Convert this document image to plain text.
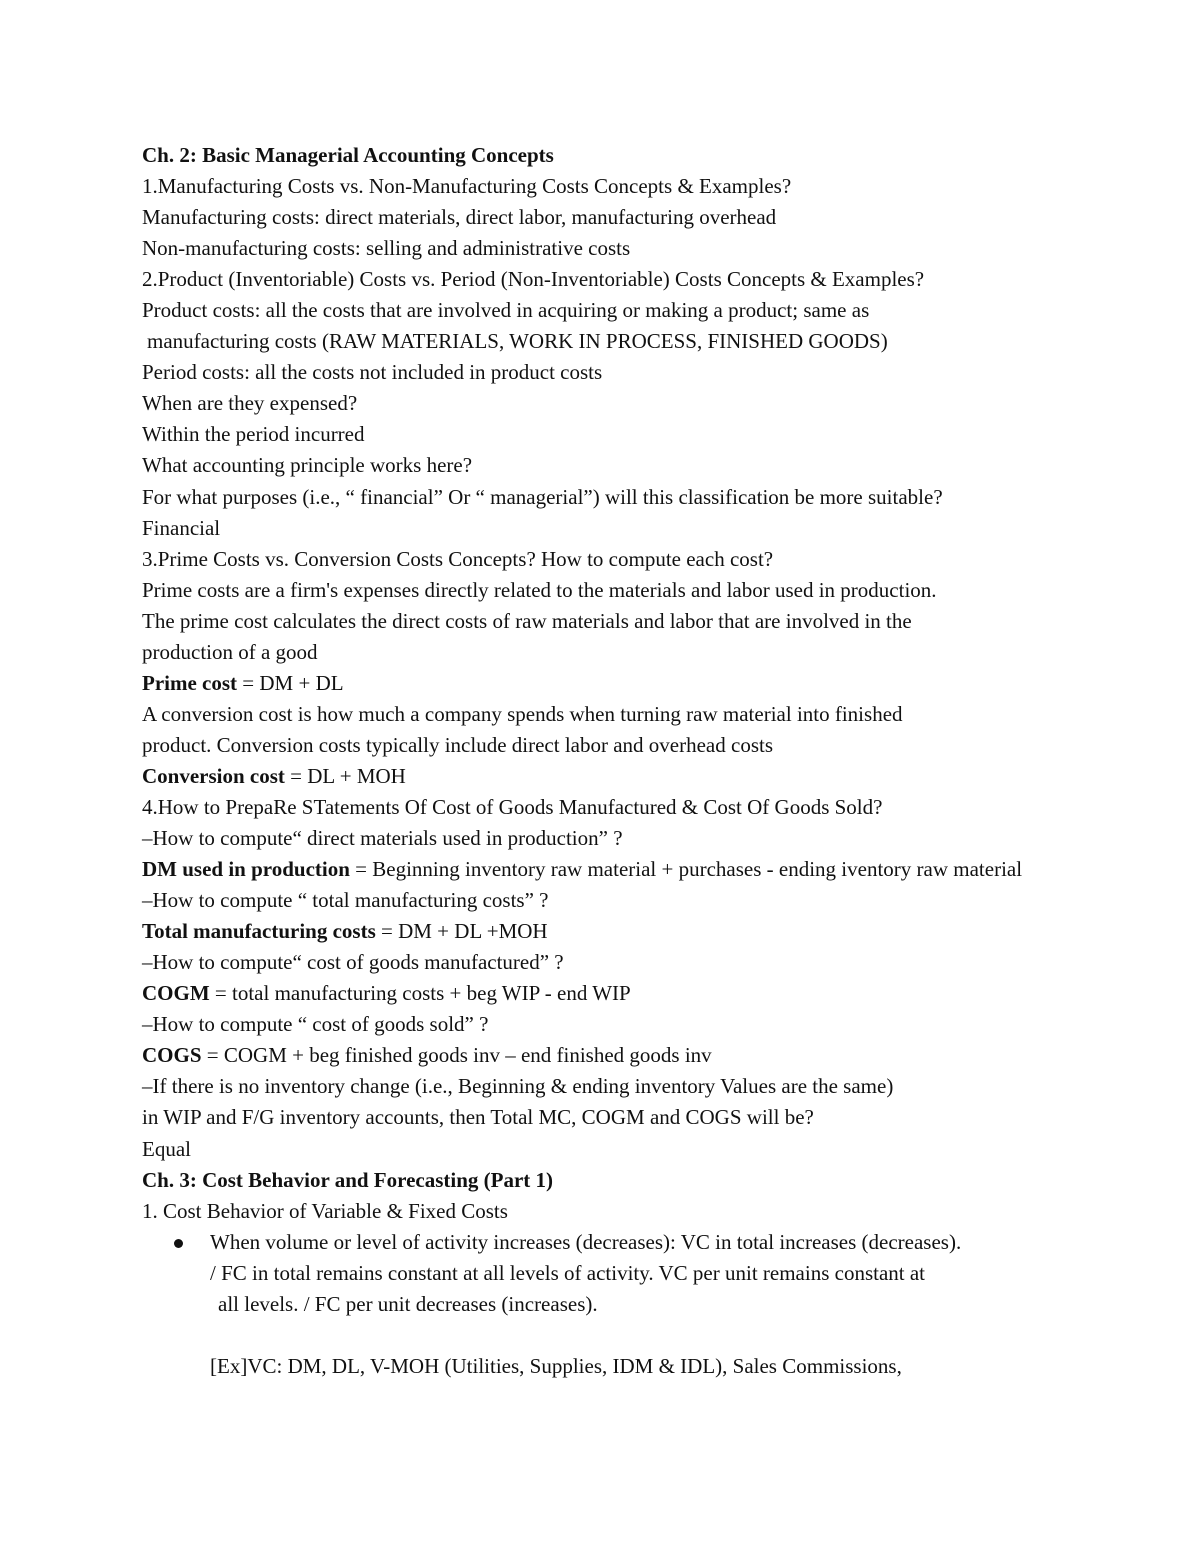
Ch. 2: Basic Managerial Accounting Concepts
1.Manufacturing Costs vs. Non-Manufacturing Costs Concepts & Examples?
Manufacturing costs: direct materials, direct labor, manufacturing overhead
Non-manufacturing costs: selling and administrative costs
2.Product (Inventoriable) Costs vs. Period (Non-Inventoriable) Costs Concepts & Examples?
Product costs: all the costs that are involved in acquiring or making a product; same as
manufacturing costs (RAW MATERIALS, WORK IN PROCESS, FINISHED GOODS)
Period costs: all the costs not included in product costs
When are they expensed?
Within the period incurred
What accounting principle works here?
For what purposes (i.e., “ financial” Or “ managerial”) will this classification be more suitable?
Financial
3.Prime Costs vs. Conversion Costs Concepts? How to compute each cost?
Prime costs are a firm's expenses directly related to the materials and labor used in production.
The prime cost calculates the direct costs of raw materials and labor that are involved in the
production of a good
Prime cost = DM + DL
A conversion cost is how much a company spends when turning raw material into finished
product. Conversion costs typically include direct labor and overhead costs
Conversion cost = DL + MOH
4.How to PrepaRe STatements Of Cost of Goods Manufactured & Cost Of Goods Sold?
–How to compute“ direct materials used in production” ?
DM used in production = Beginning inventory raw material + purchases - ending iventory raw material
–How to compute “ total manufacturing costs” ?
Total manufacturing costs = DM + DL +MOH
–How to compute“ cost of goods manufactured” ?
COGM = total manufacturing costs + beg WIP - end WIP
–How to compute “ cost of goods sold” ?
COGS = COGM + beg finished goods inv – end finished goods inv
–If there is no inventory change (i.e., Beginning & ending inventory Values are the same)
in WIP and F/G inventory accounts, then Total MC, COGM and COGS will be?
Equal
Ch. 3: Cost Behavior and Forecasting (Part 1)
1. Cost Behavior of Variable & Fixed Costs
When volume or level of activity increases (decreases): VC in total increases (decreases).
/ FC in total remains constant at all levels of activity. VC per unit remains constant at
all levels. / FC per unit decreases (increases).
[Ex]VC: DM, DL, V-MOH (Utilities, Supplies, IDM & IDL), Sales Commissions,
